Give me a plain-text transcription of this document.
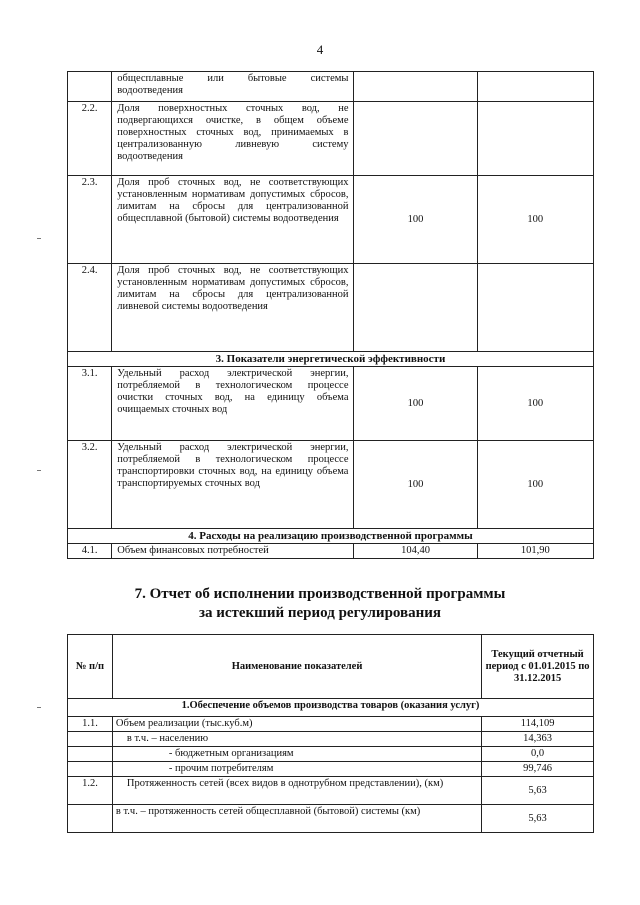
4
	общесплавные или бытовые системы водоотведения		
2.2.	Доля поверхностных сточных вод, не подвергающихся очистке, в общем объеме поверхностных сточных вод, принимаемых в централизованную ливневую систему водоотведения		
2.3.	Доля проб сточных вод, не соответствующих установленным нормативам допустимых сбросов, лимитам на сбросы для централизованной общесплавной (бытовой) системы водоотведения	100	100
2.4.	Доля проб сточных вод, не соответствующих установленным нормативам допустимых сбросов, лимитам на сбросы для централизованной ливневой системы водоотведения		
3. Показатели энергетической эффективности			
3.1.	Удельный расход электрической энергии, потребляемой в технологическом процессе очистки сточных вод, на единицу объема очищаемых сточных вод	100	100
3.2.	Удельный расход электрической энергии, потребляемой в технологическом процессе транспортировки сточных вод, на единицу объема транспортируемых сточных вод	100	100
4. Расходы на реализацию производственной программы			
4.1.	Объем финансовых потребностей	104,40	101,90
7. Отчет об исполнении производственной программы
за истекший период регулирования
№ п/п	Наименование показателей	Текущий отчетный период с 01.01.2015 по 31.12.2015
1.Обеспечение объемов производства товаров (оказания услуг)		
1.1.	Объем реализации (тыс.куб.м)	114,109
	в т.ч. – населению	14,363
	- бюджетным организациям	0,0
	- прочим потребителям	99,746
1.2.	Протяженность сетей (всех видов в однотрубном представлении), (км)	5,63
	в т.ч. – протяженность сетей общесплавной (бытовой) системы (км)	5,63
